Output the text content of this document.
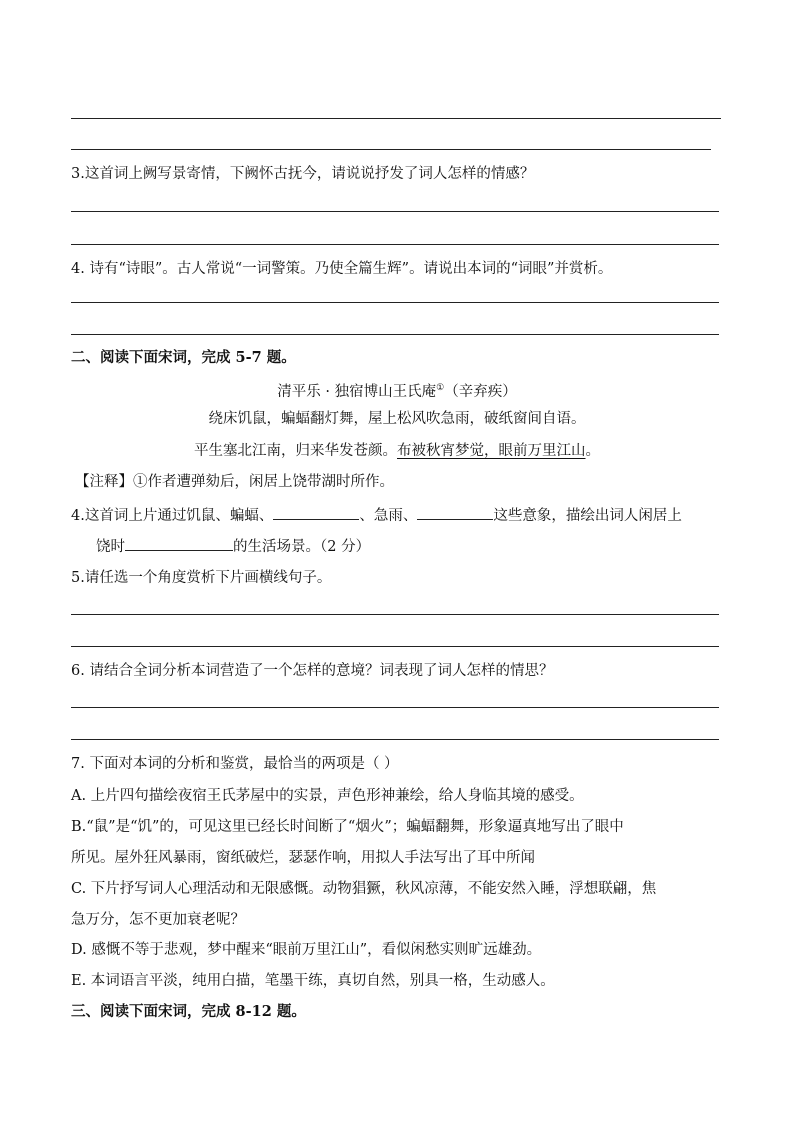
3.这首词上阙写景寄情，下阙怀古抚今，请说说抒发了词人怎样的情感？
4. 诗有“诗眼”。古人常说“一词警策。乃使全篇生辉”。请说出本词的“词眼”并赏析。
二、阅读下面宋词，完成 5-7 题。
清平乐 · 独宿博山王氏庵①（辛弃疾）
绕床饥鼠，蝙蝠翻灯舞，屋上松风吹急雨，破纸窗间自语。
平生塞北江南，归来华发苍颜。布被秋宵梦觉，眼前万里江山。
【注释】①作者遭弹劾后，闲居上饶带湖时所作。
4.这首词上片通过饥鼠、蝙蝠、	、急雨、	这些意象，描绘出词人闲居上
饶时	的生活场景。（2 分）
5.请任选一个角度赏析下片画横线句子。
6. 请结合全词分析本词营造了一个怎样的意境？词表现了词人怎样的情思？
7. 下面对本词的分析和鉴赏，最恰当的两项是（ ）
A. 上片四句描绘夜宿王氏茅屋中的实景，声色形神兼绘，给人身临其境的感受。
B.“鼠”是“饥”的，可见这里已经长时间断了“烟火”；蝙蝠翻舞，形象逼真地写出了眼中
所见。屋外狂风暴雨，窗纸破烂，瑟瑟作响，用拟人手法写出了耳中所闻
C. 下片抒写词人心理活动和无限感慨。动物猖獗，秋风凉薄，不能安然入睡，浮想联翩，焦
急万分，怎不更加衰老呢？
D. 感慨不等于悲观，梦中醒来“眼前万里江山”，看似闲愁实则旷远雄劲。
E. 本词语言平淡，纯用白描，笔墨干练，真切自然，别具一格，生动感人。
三、阅读下面宋词，完成 8-12 题。
